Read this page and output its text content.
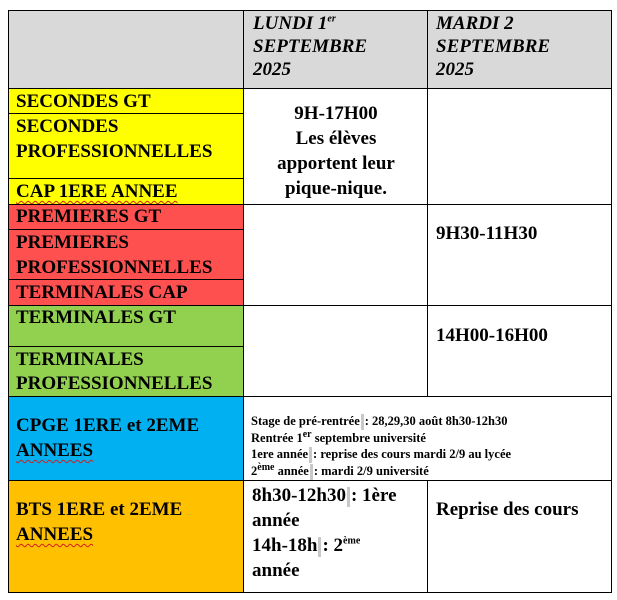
LUNDI 1er
SEPTEMBRE
2025
MARDI 2
SEPTEMBRE
2025
SECONDES GT
SECONDES
PROFESSIONNELLES
CAP 1ERE ANNEE
9H-17H00
Les élèves
apportent leur
pique-nique.
PREMIERES GT
PREMIERES
PROFESSIONNELLES
TERMINALES CAP
9H30-11H30
TERMINALES GT
TERMINALES
PROFESSIONNELLES
14H00-16H00
CPGE 1ERE et 2EME
ANNEES
Stage de pré-rentrée : 28,29,30 août 8h30-12h30
Rentrée 1er septembre université
1ere année : reprise des cours mardi 2/9 au lycée
2ème année : mardi 2/9 université
BTS 1ERE et 2EME
ANNEES
8h30-12h30 : 1ère
année
14h-18h : 2ème
année
Reprise des cours
